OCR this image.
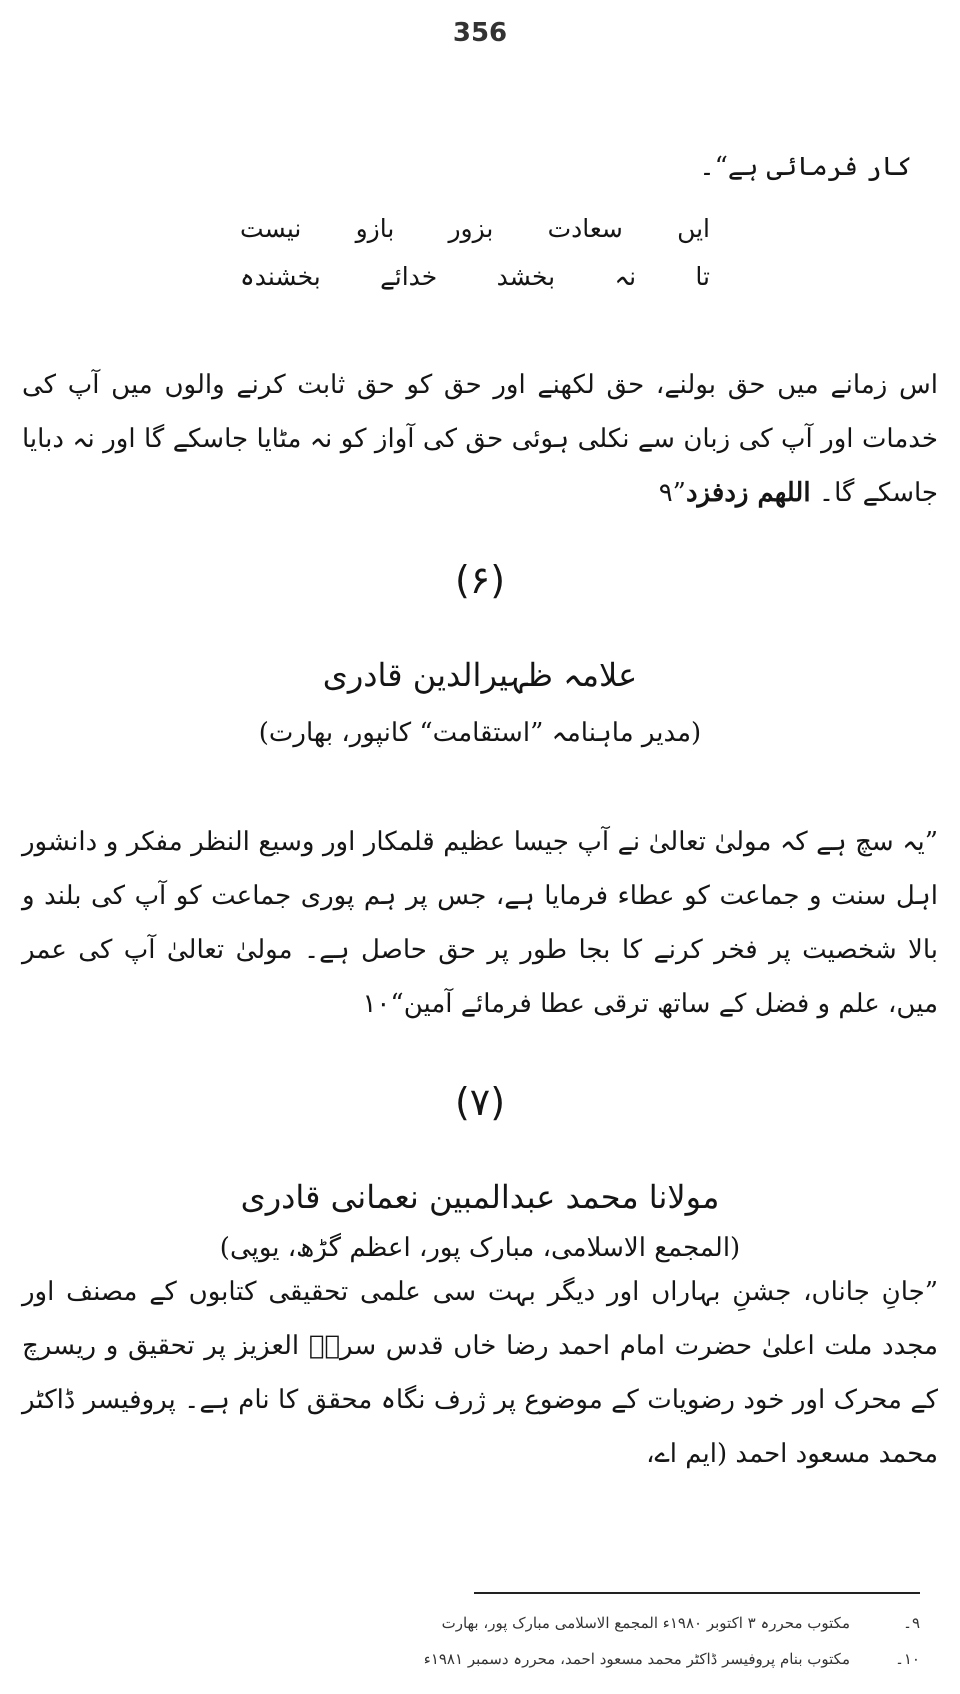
356
کار فرمائی ہے“۔
ایں
سعادت
بزور
بازو
نیست
تا
نہ
بخشد
خدائے
بخشندہ
اس زمانے میں حق بولنے، حق لکھنے اور حق کو حق ثابت کرنے والوں میں آپ کی خدمات اور آپ کی زبان سے نکلی ہوئی حق کی آواز کو نہ مٹایا جاسکے گا اور نہ دبایا جاسکے گا۔ اللھم زدفزد”۹
(۶)
علامہ ظہیرالدین قادری
(مدیر ماہنامہ ”استقامت“ کانپور، بھارت)
”یہ سچ ہے کہ مولیٰ تعالیٰ نے آپ جیسا عظیم قلمکار اور وسیع النظر مفکر و دانشور اہل سنت و جماعت کو عطاء فرمایا ہے، جس پر ہم پوری جماعت کو آپ کی بلند و بالا شخصیت پر فخر کرنے کا بجا طور پر حق حاصل ہے۔ مولیٰ تعالیٰ آپ کی عمر میں، علم و فضل کے ساتھ ترقی عطا فرمائے آمین“۱۰
(۷)
مولانا محمد عبدالمبین نعمانی قادری
(المجمع الاسلامی، مبارک پور، اعظم گڑھ، یوپی)
”جانِ جاناں، جشنِ بہاراں اور دیگر بہت سی علمی تحقیقی کتابوں کے مصنف اور مجدد ملت اعلیٰ حضرت امام احمد رضا خاں قدس سرہٗ العزیز پر تحقیق و ریسرچ کے محرک اور خود رضویات کے موضوع پر ژرف نگاہ محقق کا نام ہے۔ پروفیسر ڈاکٹر محمد مسعود احمد (ایم اے،
۹۔
مکتوب محررہ ۳ اکتوبر ۱۹۸۰ء المجمع الاسلامی مبارک پور، بھارت
۱۰۔
مکتوب بنام پروفیسر ڈاکٹر محمد مسعود احمد، محررہ دسمبر ۱۹۸۱ء
